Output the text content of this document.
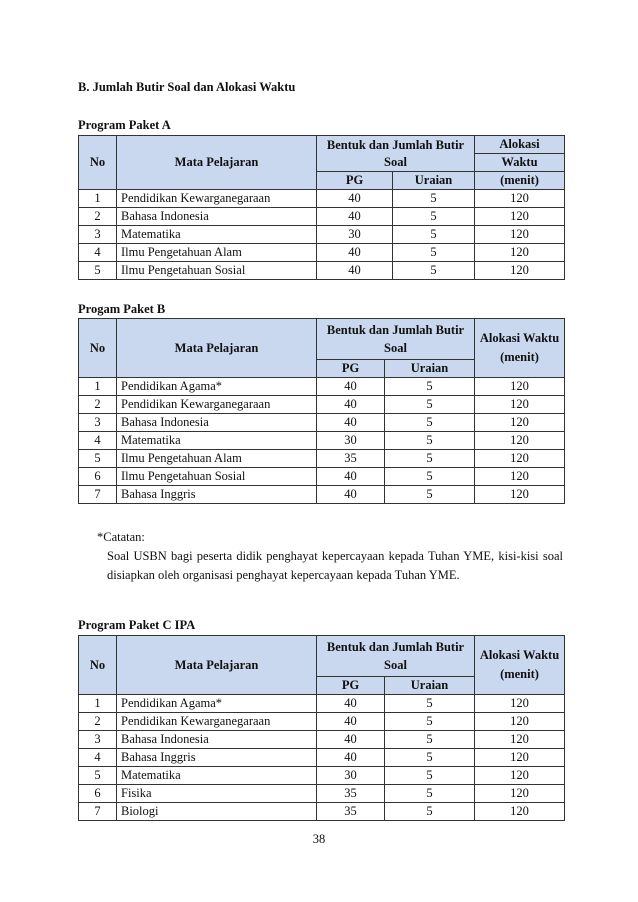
B. Jumlah Butir Soal dan Alokasi Waktu
Program Paket A
No	Mata Pelajaran	Bentuk dan Jumlah Butir Soal		Alokasi
				Waktu
		PG	Uraian	(menit)
1	Pendidikan Kewarganegaraan	40	5	120
2	Bahasa Indonesia	40	5	120
3	Matematika	30	5	120
4	Ilmu Pengetahuan Alam	40	5	120
5	Ilmu Pengetahuan Sosial	40	5	120
Progam Paket B
No	Mata Pelajaran	Bentuk dan Jumlah Butir Soal		Alokasi Waktu (menit)
		PG	Uraian	
1	Pendidikan Agama*	40	5	120
2	Pendidikan Kewarganegaraan	40	5	120
3	Bahasa Indonesia	40	5	120
4	Matematika	30	5	120
5	Ilmu Pengetahuan Alam	35	5	120
6	Ilmu Pengetahuan Sosial	40	5	120
7	Bahasa Inggris	40	5	120
*Catatan:
Soal USBN bagi peserta didik penghayat kepercayaan kepada Tuhan YME, kisi-kisi soal disiapkan oleh organisasi penghayat kepercayaan kepada Tuhan YME.
Program Paket C IPA
No	Mata Pelajaran	Bentuk dan Jumlah Butir Soal		Alokasi Waktu (menit)
		PG	Uraian	
1	Pendidikan Agama*	40	5	120
2	Pendidikan Kewarganegaraan	40	5	120
3	Bahasa Indonesia	40	5	120
4	Bahasa Inggris	40	5	120
5	Matematika	30	5	120
6	Fisika	35	5	120
7	Biologi	35	5	120
38
